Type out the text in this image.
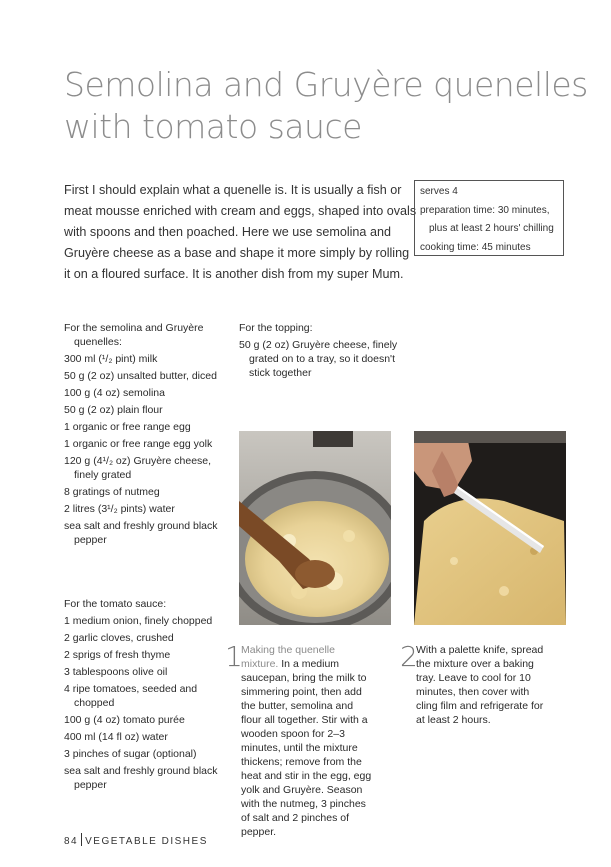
Semolina and Gruyère quenelles
with tomato sauce
First I should explain what a quenelle is. It is usually a fish or
meat mousse enriched with cream and eggs, shaped into ovals
with spoons and then poached. Here we use semolina and
Gruyère cheese as a base and shape it more simply by rolling
it on a floured surface. It is another dish from my super Mum.
serves 4
preparation time: 30 minutes,
plus at least 2 hours' chilling
cooking time: 45 minutes
For the semolina and Gruyère quenelles:
300 ml (¹/₂ pint) milk
50 g (2 oz) unsalted butter, diced
100 g (4 oz) semolina
50 g (2 oz) plain flour
1 organic or free range egg
1 organic or free range egg yolk
120 g (4¹/₂ oz) Gruyère cheese, finely grated
8 gratings of nutmeg
2 litres (3¹/₂ pints) water
sea salt and freshly ground black pepper
For the tomato sauce:
1 medium onion, finely chopped
2 garlic cloves, crushed
2 sprigs of fresh thyme
3 tablespoons olive oil
4 ripe tomatoes, seeded and chopped
100 g (4 oz) tomato purée
400 ml (14 fl oz) water
3 pinches of sugar (optional)
sea salt and freshly ground black pepper
For the topping:
50 g (2 oz) Gruyère cheese, finely grated on to a tray, so it doesn't stick together
1
Making the quenelle mixture. In a medium saucepan, bring the milk to simmering point, then add the butter, semolina and flour all together. Stir with a wooden spoon for 2–3 minutes, until the mixture thickens; remove from the heat and stir in the egg, egg yolk and Gruyère. Season with the nutmeg, 3 pinches of salt and 2 pinches of pepper.
2
With a palette knife, spread the mixture over a baking tray. Leave to cool for 10 minutes, then cover with cling film and refrigerate for at least 2 hours.
84 VEGETABLE DISHES
